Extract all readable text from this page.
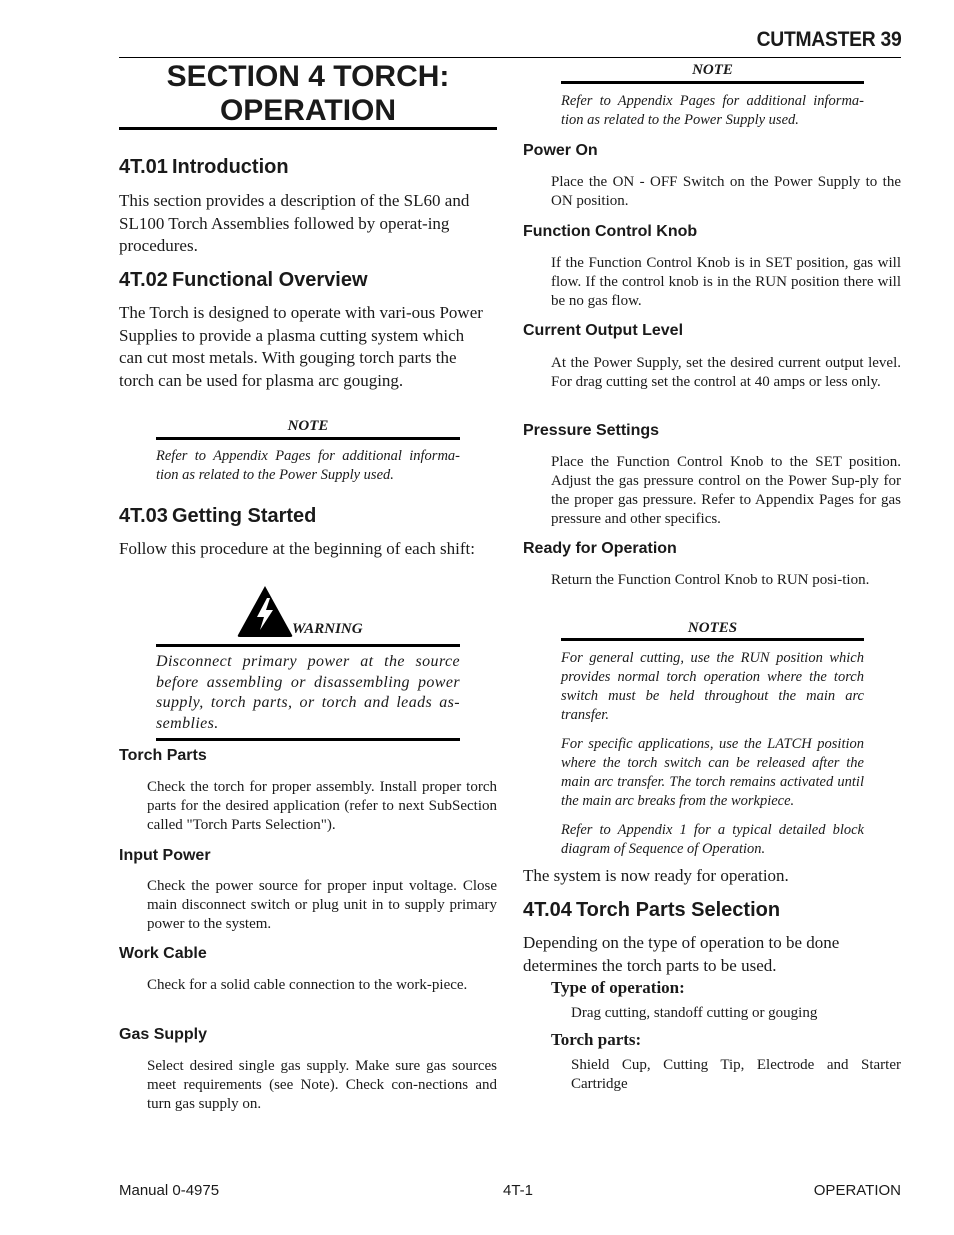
CUTMASTER 39
SECTION 4 TORCH: OPERATION
4T.01 Introduction
This section provides a description of the SL60 and SL100 Torch Assemblies followed by operat-ing procedures.
4T.02 Functional Overview
The Torch is designed to operate with vari-ous Power Supplies to provide a plasma cutting system which can cut most metals. With gouging torch parts the torch can be used for plasma arc gouging.
NOTE
Refer to Appendix Pages for additional informa-tion as related to the Power Supply used.
4T.03 Getting Started
Follow this procedure at the beginning of each shift:
WARNING
Disconnect primary power at the source before assembling or disassembling power supply, torch parts, or torch and leads as-semblies.
Torch Parts
Check the torch for proper assembly. Install proper torch parts for the desired application (refer to next SubSection called "Torch Parts Selection").
Input Power
Check the power source for proper input voltage. Close main disconnect switch or plug unit in to supply primary power to the system.
Work Cable
Check for a solid cable connection to the work-piece.
Gas Supply
Select desired single gas supply. Make sure gas sources meet requirements (see Note). Check con-nections and turn gas supply on.
NOTE
Refer to Appendix Pages for additional informa-tion as related to the Power Supply used.
Power On
Place the ON - OFF Switch on the Power Supply to the ON position.
Function Control Knob
If the Function Control Knob is in SET position, gas will flow. If the control knob is in the RUN position there will be no gas flow.
Current Output Level
At the Power Supply, set the desired current output level. For drag cutting set the control at 40 amps or less only.
Pressure Settings
Place the Function Control Knob to the SET position. Adjust the gas pressure control on the Power Sup-ply for the proper gas pressure. Refer to Appendix Pages for gas pressure and other specifics.
Ready for Operation
Return the Function Control Knob to RUN posi-tion.
NOTES
For general cutting, use the RUN position which provides normal torch operation where the torch switch must be held throughout the main arc transfer.
For specific applications, use the LATCH position where the torch switch can be released after the main arc transfer. The torch remains activated until the main arc breaks from the workpiece.
Refer to Appendix 1 for a typical detailed block diagram of Sequence of Operation.
The system is now ready for operation.
4T.04 Torch Parts Selection
Depending on the type of operation to be done determines the torch parts to be used.
Type of operation:
Drag cutting, standoff cutting or gouging
Torch parts:
Shield Cup, Cutting Tip, Electrode and Starter Cartridge
Manual 0-4975	4T-1	OPERATION
